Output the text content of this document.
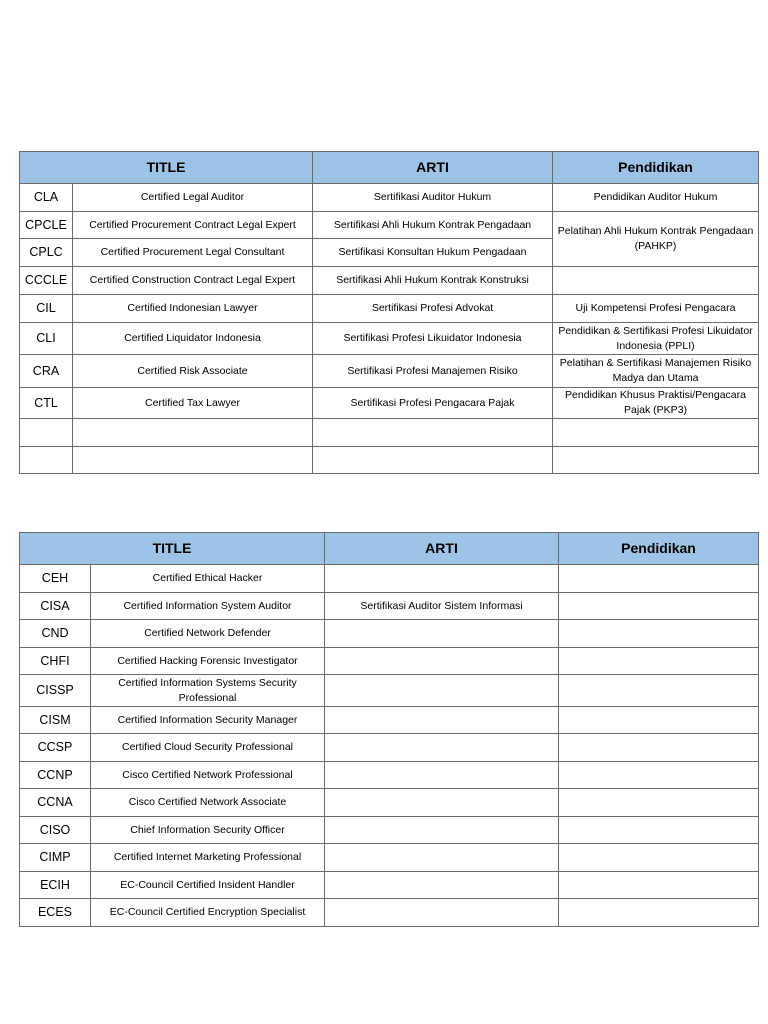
TITLE		ARTI	Pendidikan
CLA	Certified Legal Auditor	Sertifikasi Auditor Hukum	Pendidikan Auditor Hukum
CPCLE	Certified Procurement Contract Legal Expert	Sertifikasi Ahli Hukum Kontrak Pengadaan	Pelatihan Ahli Hukum Kontrak Pengadaan (PAHKP)
CPLC	Certified Procurement Legal Consultant	Sertifikasi Konsultan Hukum Pengadaan	
CCCLE	Certified Construction Contract Legal Expert	Sertifikasi Ahli Hukum Kontrak Konstruksi	
CIL	Certified Indonesian Lawyer	Sertifikasi Profesi Advokat	Uji Kompetensi Profesi Pengacara
CLI	Certified Liquidator Indonesia	Sertifikasi Profesi Likuidator Indonesia	Pendidikan & Sertifikasi Profesi Likuidator Indonesia (PPLI)
CRA	Certified Risk Associate	Sertifikasi Profesi Manajemen Risiko	Pelatihan & Sertifikasi Manajemen Risiko Madya dan Utama
CTL	Certified Tax Lawyer	Sertifikasi Profesi Pengacara Pajak	Pendidikan Khusus Praktisi/Pengacara Pajak (PKP3)

TITLE		ARTI	Pendidikan
CEH	Certified Ethical Hacker		
CISA	Certified Information System Auditor	Sertifikasi Auditor Sistem Informasi	
CND	Certified Network Defender		
CHFI	Certified Hacking Forensic Investigator		
CISSP	Certified Information Systems Security Professional		
CISM	Certified Information Security Manager		
CCSP	Certified Cloud Security Professional		
CCNP	Cisco Certified Network Professional		
CCNA	Cisco Certified Network Associate		
CISO	Chief Information Security Officer		
CIMP	Certified Internet Marketing Professional		
ECIH	EC-Council Certified Insident Handler		
ECES	EC-Council Certified Encryption Specialist		
